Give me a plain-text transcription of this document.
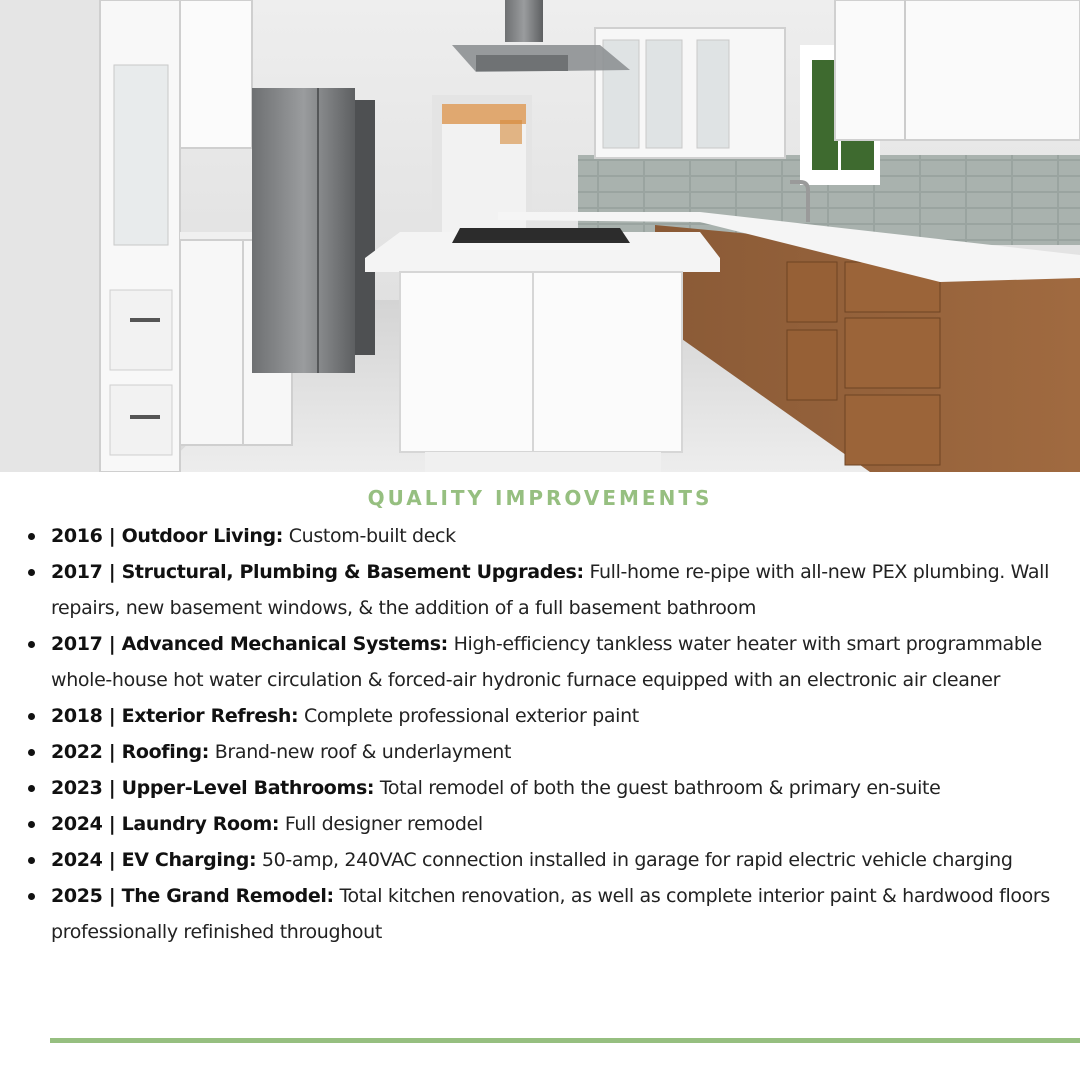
QUALITY IMPROVEMENTS
2016 | Outdoor Living: Custom-built deck
2017 | Structural, Plumbing & Basement Upgrades: Full-home re-pipe with all-new PEX plumbing. Wall repairs, new basement windows, & the addition of a full basement bathroom
2017 | Advanced Mechanical Systems: High-efficiency tankless water heater with smart programmable whole-house hot water circulation & forced-air hydronic furnace equipped with an electronic air cleaner
2018 | Exterior Refresh: Complete professional exterior paint
2022 | Roofing: Brand-new roof & underlayment
2023 | Upper-Level Bathrooms: Total remodel of both the guest bathroom & primary en-suite
2024 | Laundry Room: Full designer remodel
2024 | EV Charging: 50-amp, 240VAC connection installed in garage for rapid electric vehicle charging
2025 | The Grand Remodel: Total kitchen renovation, as well as complete interior paint & hardwood floors professionally refinished throughout
